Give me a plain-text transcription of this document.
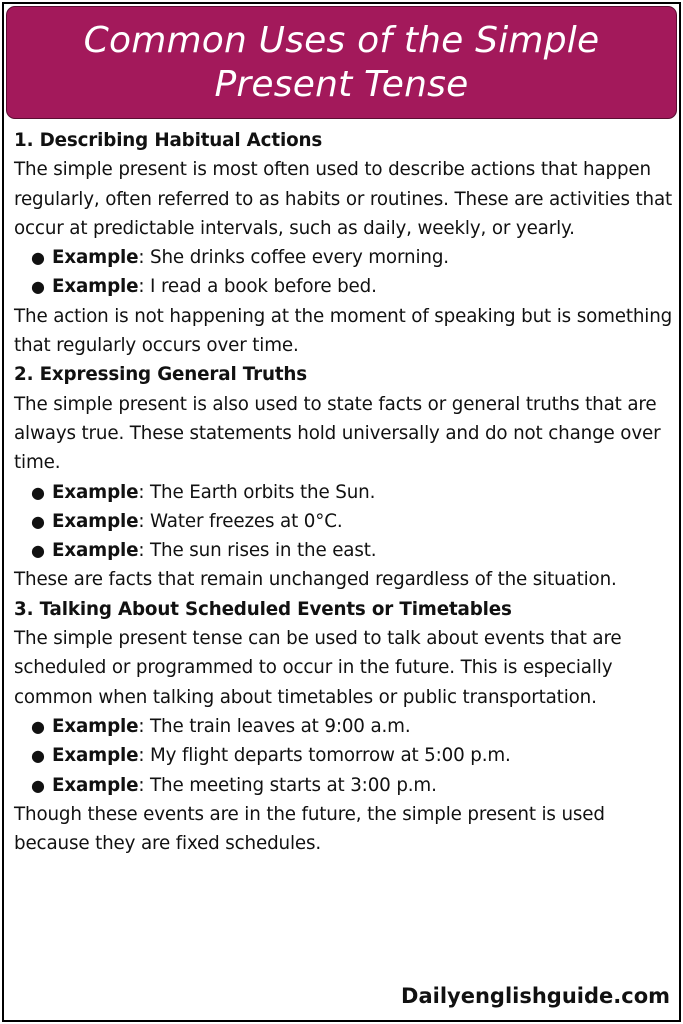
Common Uses of the Simple Present Tense
1. Describing Habitual Actions

The simple present is most often used to describe actions that happen regularly, often referred to as habits or routines. These are activities that occur at predictable intervals, such as daily, weekly, or yearly.

● Example: She drinks coffee every morning.
● Example: I read a book before bed.

The action is not happening at the moment of speaking but is something that regularly occurs over time.

2. Expressing General Truths

The simple present is also used to state facts or general truths that are always true. These statements hold universally and do not change over time.

● Example: The Earth orbits the Sun.
● Example: Water freezes at 0°C.
● Example: The sun rises in the east.

These are facts that remain unchanged regardless of the situation.

3. Talking About Scheduled Events or Timetables

The simple present tense can be used to talk about events that are scheduled or programmed to occur in the future. This is especially common when talking about timetables or public transportation.

● Example: The train leaves at 9:00 a.m.
● Example: My flight departs tomorrow at 5:00 p.m.
● Example: The meeting starts at 3:00 p.m.

Though these events are in the future, the simple present is used because they are fixed schedules.

Dailyenglishguide.com
